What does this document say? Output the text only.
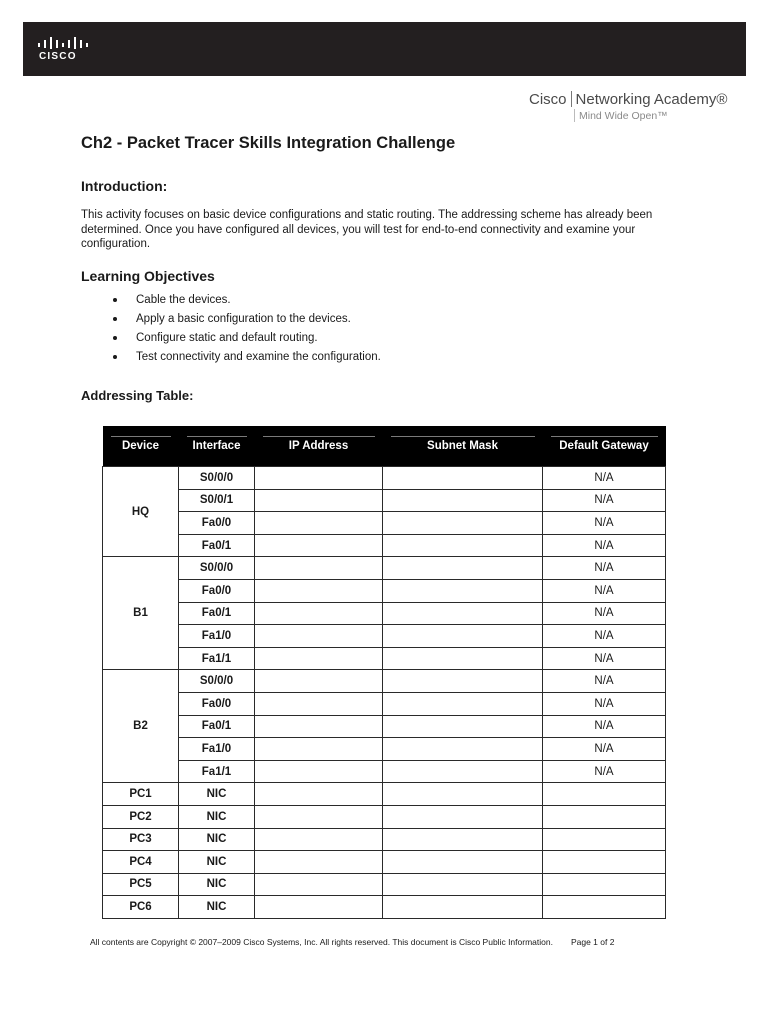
CISCO
Cisco Networking Academy®
Mind Wide Open™
Ch2 - Packet Tracer Skills Integration Challenge
Introduction:
This activity focuses on basic device configurations and static routing. The addressing scheme has already been determined. Once you have configured all devices, you will test for end-to-end connectivity and examine your configuration.
Learning Objectives
Cable the devices.
Apply a basic configuration to the devices.
Configure static and default routing.
Test connectivity and examine the configuration.
Addressing Table:
Device	Interface	IP Address	Subnet Mask	Default Gateway
HQ	S0/0/0			N/A
	S0/0/1			N/A
	Fa0/0			N/A
	Fa0/1			N/A
B1	S0/0/0			N/A
	Fa0/0			N/A
	Fa0/1			N/A
	Fa1/0			N/A
	Fa1/1			N/A
B2	S0/0/0			N/A
	Fa0/0			N/A
	Fa0/1			N/A
	Fa1/0			N/A
	Fa1/1			N/A
PC1	NIC			
PC2	NIC			
PC3	NIC			
PC4	NIC			
PC5	NIC			
PC6	NIC			
All contents are Copyright © 2007–2009 Cisco Systems, Inc. All rights reserved. This document is Cisco Public Information. Page 1 of 2
